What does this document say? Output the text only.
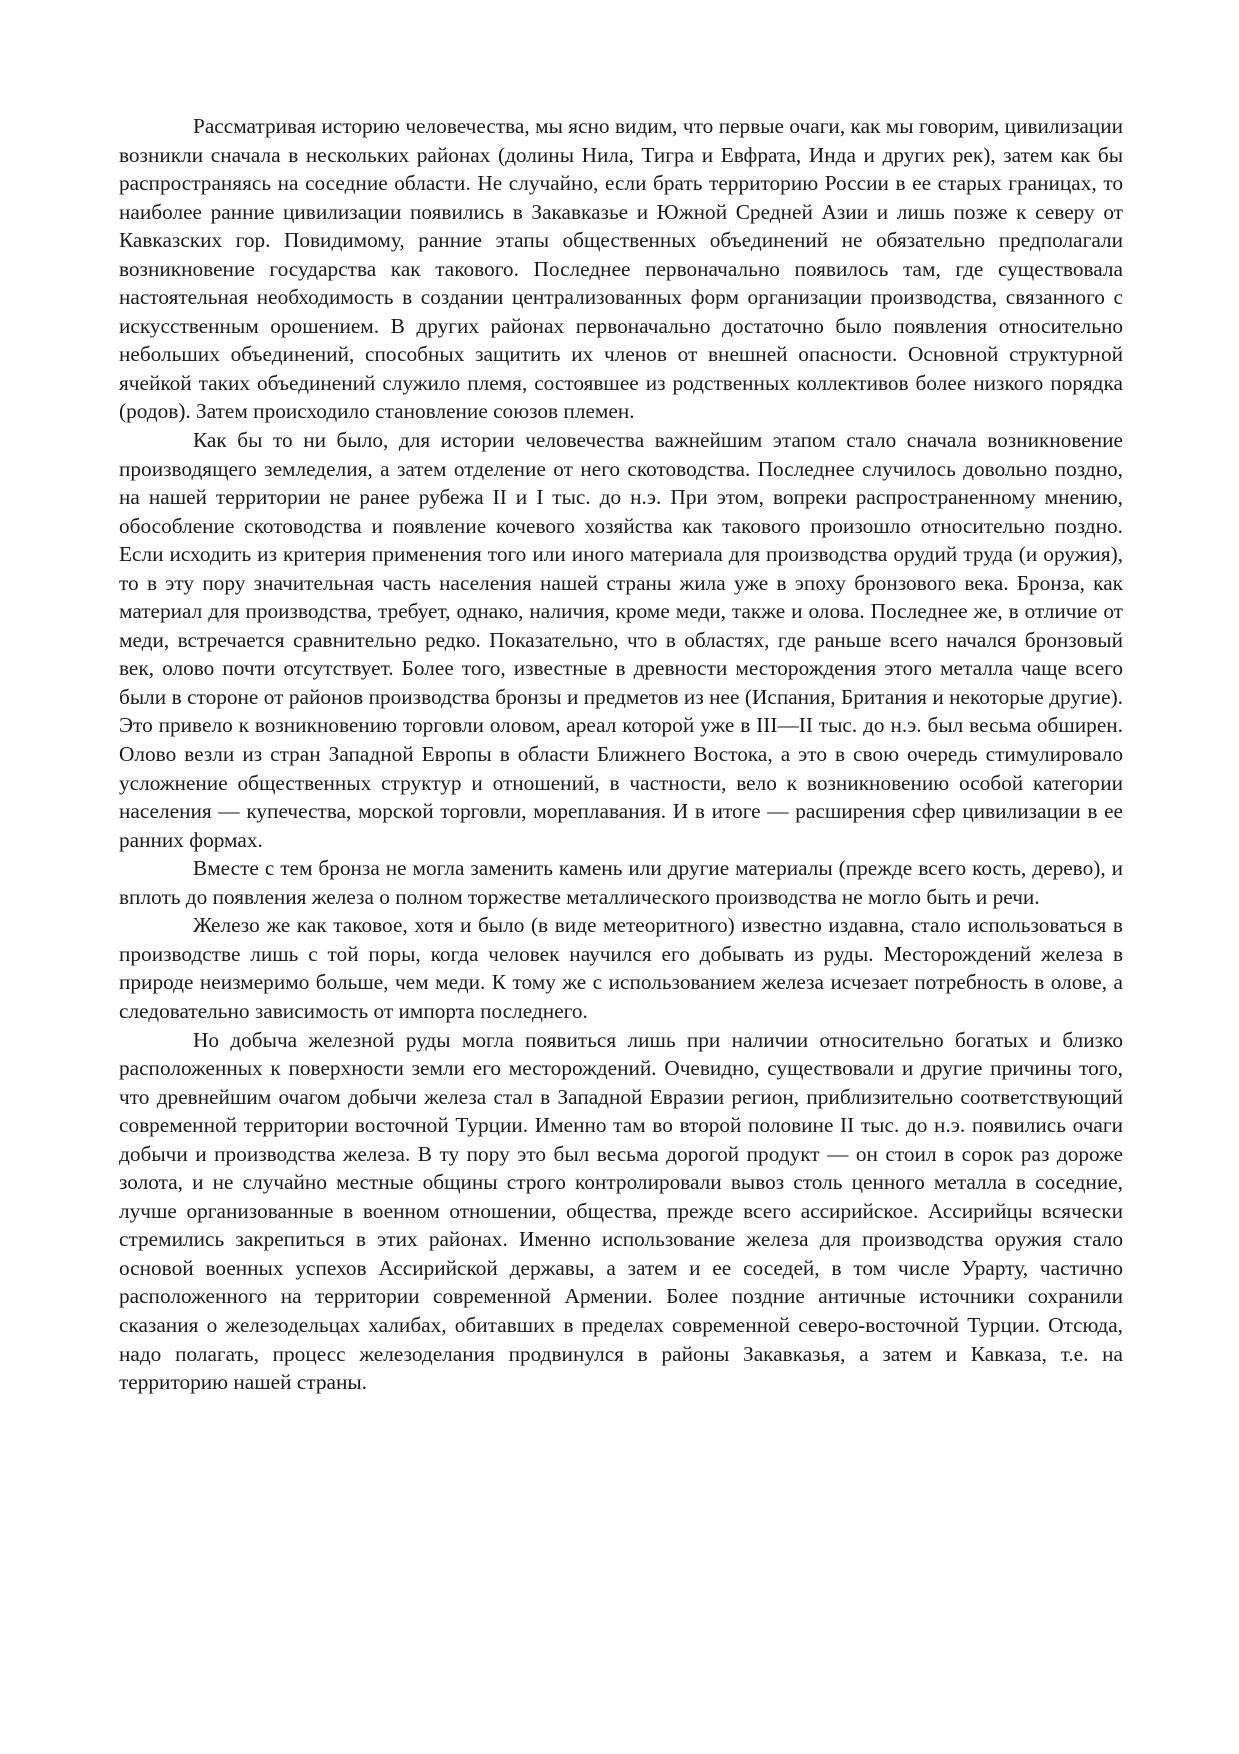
Рассматривая историю человечества, мы ясно видим, что первые очаги, как мы говорим, цивилизации возникли сначала в нескольких районах (долины Нила, Тигра и Евфрата, Инда и других рек), затем как бы распространяясь на соседние области. Не случайно, если брать территорию России в ее старых границах, то наиболее ранние цивилизации появились в Закавказье и Южной Средней Азии и лишь позже к северу от Кавказских гор. Повидимому, ранние этапы общественных объединений не обязательно предполагали возникновение государства как такового. Последнее первоначально появилось там, где существовала настоятельная необходимость в создании централизованных форм организации производства, связанного с искусственным орошением. В других районах первоначально достаточно было появления относительно небольших объединений, способных защитить их членов от внешней опасности. Основной структурной ячейкой таких объединений служило племя, состоявшее из родственных коллективов более низкого порядка (родов). Затем происходило становление союзов племен.

Как бы то ни было, для истории человечества важнейшим этапом стало сначала возникновение производящего земледелия, а затем отделение от него скотоводства. Последнее случилось довольно поздно, на нашей территории не ранее рубежа II и I тыс. до н.э. При этом, вопреки распространенному мнению, обособление скотоводства и появление кочевого хозяйства как такового произошло относительно поздно. Если исходить из критерия применения того или иного материала для производства орудий труда (и оружия), то в эту пору значительная часть населения нашей страны жила уже в эпоху бронзового века. Бронза, как материал для производства, требует, однако, наличия, кроме меди, также и олова. Последнее же, в отличие от меди, встречается сравнительно редко. Показательно, что в областях, где раньше всего начался бронзовый век, олово почти отсутствует. Более того, известные в древности месторождения этого металла чаще всего были в стороне от районов производства бронзы и предметов из нее (Испания, Британия и некоторые другие). Это привело к возникновению торговли оловом, ареал которой уже в III—II тыс. до н.э. был весьма обширен. Олово везли из стран Западной Европы в области Ближнего Востока, а это в свою очередь стимулировало усложнение общественных структур и отношений, в частности, вело к возникновению особой категории населения — купечества, морской торговли, мореплавания. И в итоге — расширения сфер цивилизации в ее ранних формах.

Вместе с тем бронза не могла заменить камень или другие материалы (прежде всего кость, дерево), и вплоть до появления железа о полном торжестве металлического производства не могло быть и речи.

Железо же как таковое, хотя и было (в виде метеоритного) известно издавна, стало использоваться в производстве лишь с той поры, когда человек научился его добывать из руды. Месторождений железа в природе неизмеримо больше, чем меди. К тому же с использованием железа исчезает потребность в олове, а следовательно зависимость от импорта последнего.

Но добыча железной руды могла появиться лишь при наличии относительно богатых и близко расположенных к поверхности земли его месторождений. Очевидно, существовали и другие причины того, что древнейшим очагом добычи железа стал в Западной Евразии регион, приблизительно соответствующий современной территории восточной Турции. Именно там во второй половине II тыс. до н.э. появились очаги добычи и производства железа. В ту пору это был весьма дорогой продукт — он стоил в сорок раз дороже золота, и не случайно местные общины строго контролировали вывоз столь ценного металла в соседние, лучше организованные в военном отношении, общества, прежде всего ассирийское. Ассирийцы всячески стремились закрепиться в этих районах. Именно использование железа для производства оружия стало основой военных успехов Ассирийской державы, а затем и ее соседей, в том числе Урарту, частично расположенного на территории современной Армении. Более поздние античные источники сохранили сказания о железодельцах халибах, обитавших в пределах современной северо-восточной Турции. Отсюда, надо полагать, процесс железоделания продвинулся в районы Закавказья, а затем и Кавказа, т.е. на территорию нашей страны.
